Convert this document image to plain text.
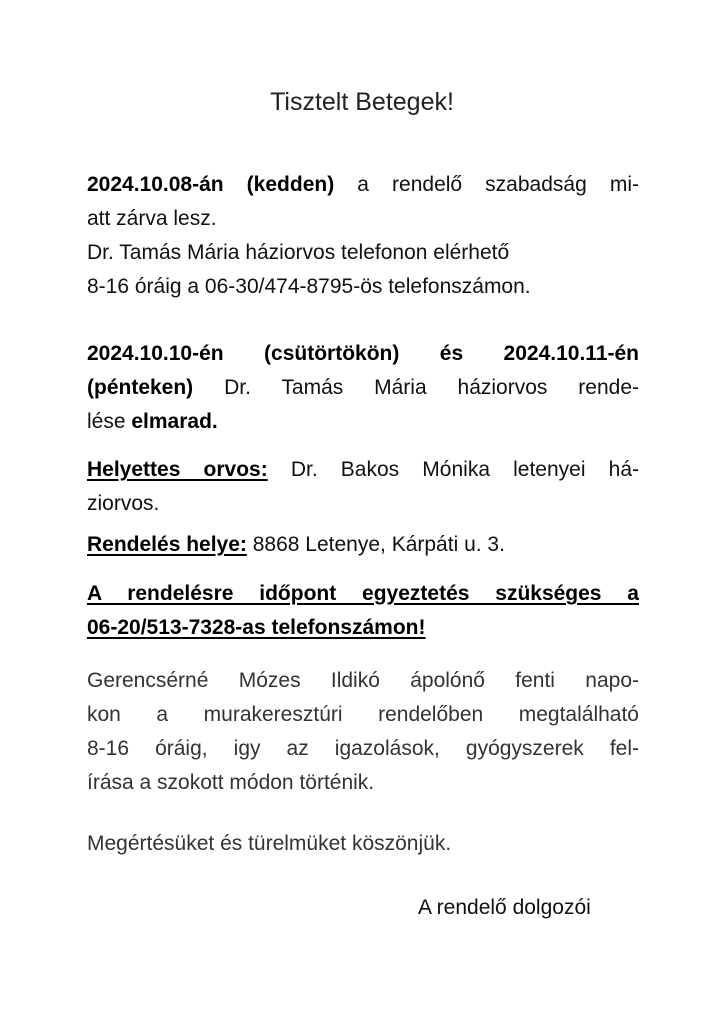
Tisztelt Betegek!
2024.10.08-án (kedden) a rendelő szabadság mi-
att zárva lesz.
Dr. Tamás Mária háziorvos telefonon elérhető
8-16 óráig a 06-30/474-8795-ös telefonszámon.
2024.10.10-én (csütörtökön) és 2024.10.11-én
(pénteken) Dr. Tamás Mária háziorvos rende-
lése elmarad.
Helyettes orvos: Dr. Bakos Mónika letenyei há-
ziorvos.
Rendelés helye: 8868 Letenye, Kárpáti u. 3.
A rendelésre időpont egyeztetés szükséges a
06-20/513-7328-as telefonszámon!
Gerencsérné Mózes Ildikó ápolónő fenti napo-
kon a murakeresztúri rendelőben megtalálható
8-16 óráig, igy az igazolások, gyógyszerek fel-
írása a szokott módon történik.
Megértésüket és türelmüket köszönjük.
A rendelő dolgozói
